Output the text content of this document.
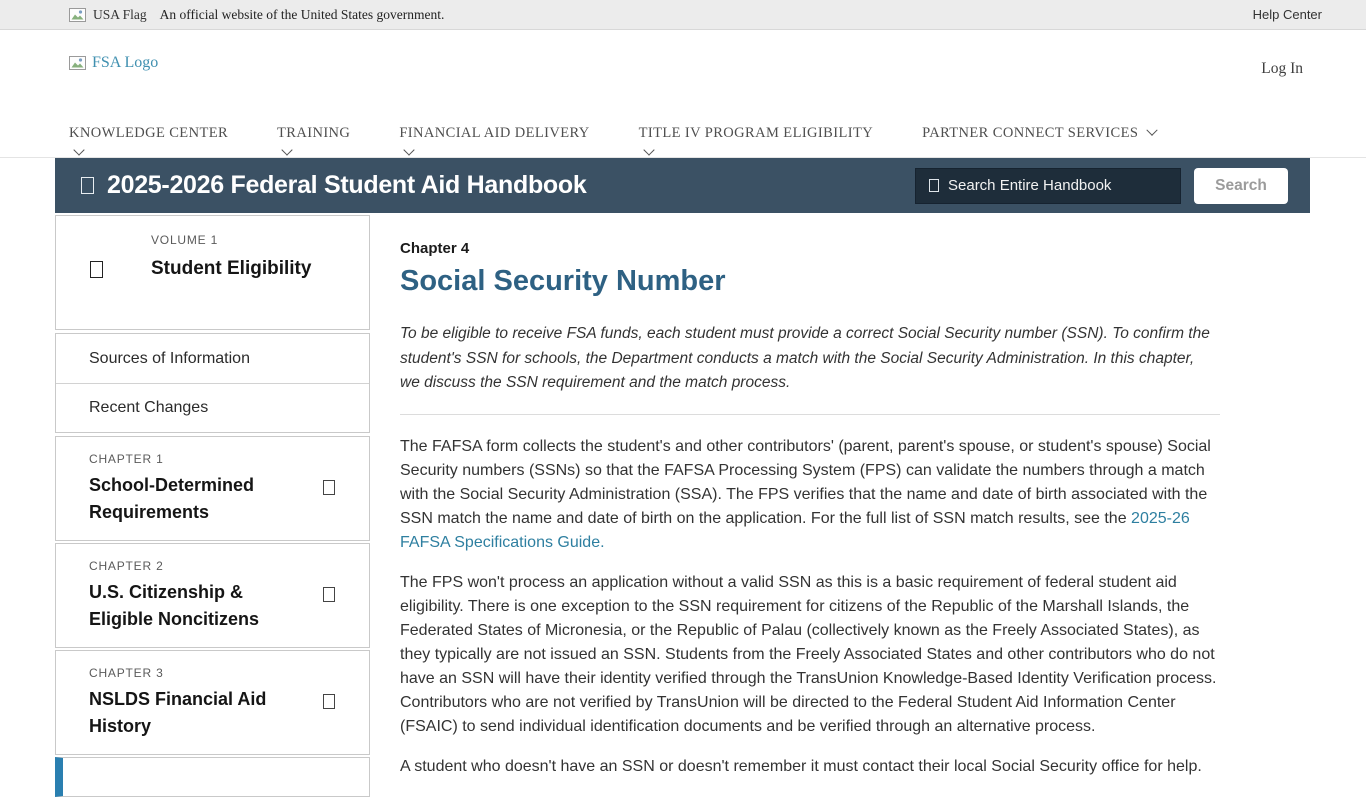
USA Flag An official website of the United States government.	Help Center
FSA Logo	Log In
KNOWLEDGE CENTER	TRAINING	FINANCIAL AID DELIVERY	TITLE IV PROGRAM ELIGIBILITY	PARTNER CONNECT SERVICES
2025-2026 Federal Student Aid Handbook	Search Entire Handbook	Search
VOLUME 1
Student Eligibility
Sources of Information
Recent Changes
CHAPTER 1
School-Determined Requirements
CHAPTER 2
U.S. Citizenship & Eligible Noncitizens
CHAPTER 3
NSLDS Financial Aid History
Chapter 4
Social Security Number

To be eligible to receive FSA funds, each student must provide a correct Social Security number (SSN). To confirm the student's SSN for schools, the Department conducts a match with the Social Security Administration. In this chapter, we discuss the SSN requirement and the match process.

The FAFSA form collects the student's and other contributors' (parent, parent's spouse, or student's spouse) Social Security numbers (SSNs) so that the FAFSA Processing System (FPS) can validate the numbers through a match with the Social Security Administration (SSA). The FPS verifies that the name and date of birth associated with the SSN match the name and date of birth on the application. For the full list of SSN match results, see the 2025-26 FAFSA Specifications Guide.

The FPS won't process an application without a valid SSN as this is a basic requirement of federal student aid eligibility. There is one exception to the SSN requirement for citizens of the Republic of the Marshall Islands, the Federated States of Micronesia, or the Republic of Palau (collectively known as the Freely Associated States), as they typically are not issued an SSN. Students from the Freely Associated States and other contributors who do not have an SSN will have their identity verified through the TransUnion Knowledge-Based Identity Verification process. Contributors who are not verified by TransUnion will be directed to the Federal Student Aid Information Center (FSAIC) to send individual identification documents and be verified through an alternative process.

A student who doesn't have an SSN or doesn't remember it must contact their local Social Security office for help.
